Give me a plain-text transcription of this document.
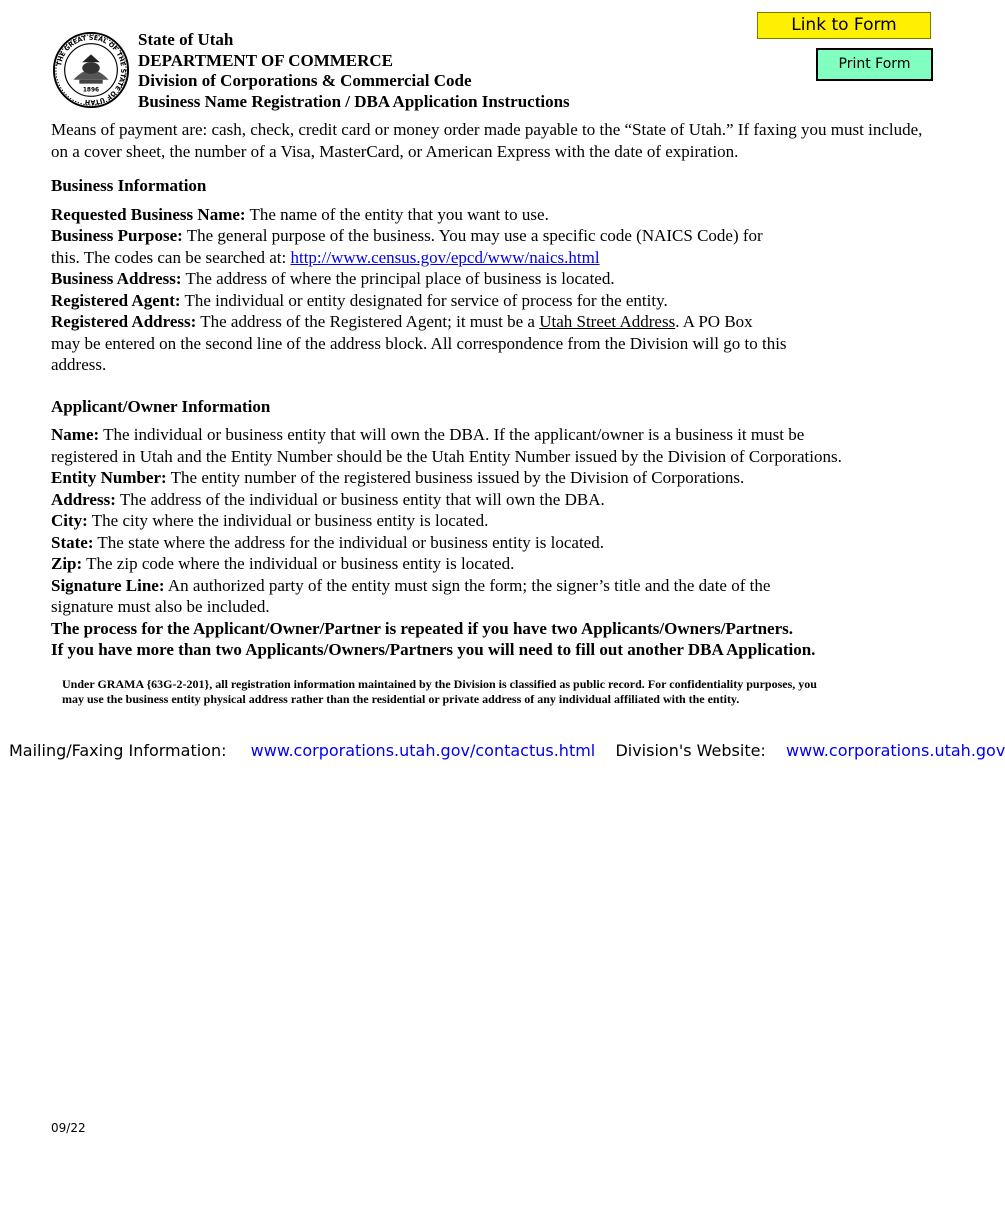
THE GREAT SEAL OF THE STATE OF UTAH
1896
State of Utah
DEPARTMENT OF COMMERCE
Division of Corporations & Commercial Code
Business Name Registration / DBA Application Instructions
Link to Form
Print Form

Means of payment are: cash, check, credit card or money order made payable to the “State of Utah.” If faxing you must include, on a cover sheet, the number of a Visa, MasterCard, or American Express with the date of expiration.

Business Information

Requested Business Name: The name of the entity that you want to use.

Business Purpose: The general purpose of the business. You may use a specific code (NAICS Code) for

this. The codes can be searched at: http://www.census.gov/epcd/www/naics.html

Business Address: The address of where the principal place of business is located.

Registered Agent: The individual or entity designated for service of process for the entity.

Registered Address: The address of the Registered Agent; it must be a Utah Street Address. A PO Box

may be entered on the second line of the address block. All correspondence from the Division will go to this

address.

Applicant/Owner Information

Name: The individual or business entity that will own the DBA. If the applicant/owner is a business it must be

registered in Utah and the Entity Number should be the Utah Entity Number issued by the Division of Corporations.

Entity Number: The entity number of the registered business issued by the Division of Corporations.

Address: The address of the individual or business entity that will own the DBA.

City: The city where the individual or business entity is located.

State: The state where the address for the individual or business entity is located.

Zip: The zip code where the individual or business entity is located.

Signature Line: An authorized party of the entity must sign the form; the signer’s title and the date of the

signature must also be included.

The process for the Applicant/Owner/Partner is repeated if you have two Applicants/Owners/Partners.

If you have more than two Applicants/Owners/Partners you will need to fill out another DBA Application.

Under GRAMA {63G-2-201}, all registration information maintained by the Division is classified as public record. For confidentiality purposes, you
may use the business entity physical address rather than the residential or private address of any individual affiliated with the entity.
Mailing/Faxing Information: www.corporations.utah.gov/contactus.html Division's Website: www.corporations.utah.gov
09/22
